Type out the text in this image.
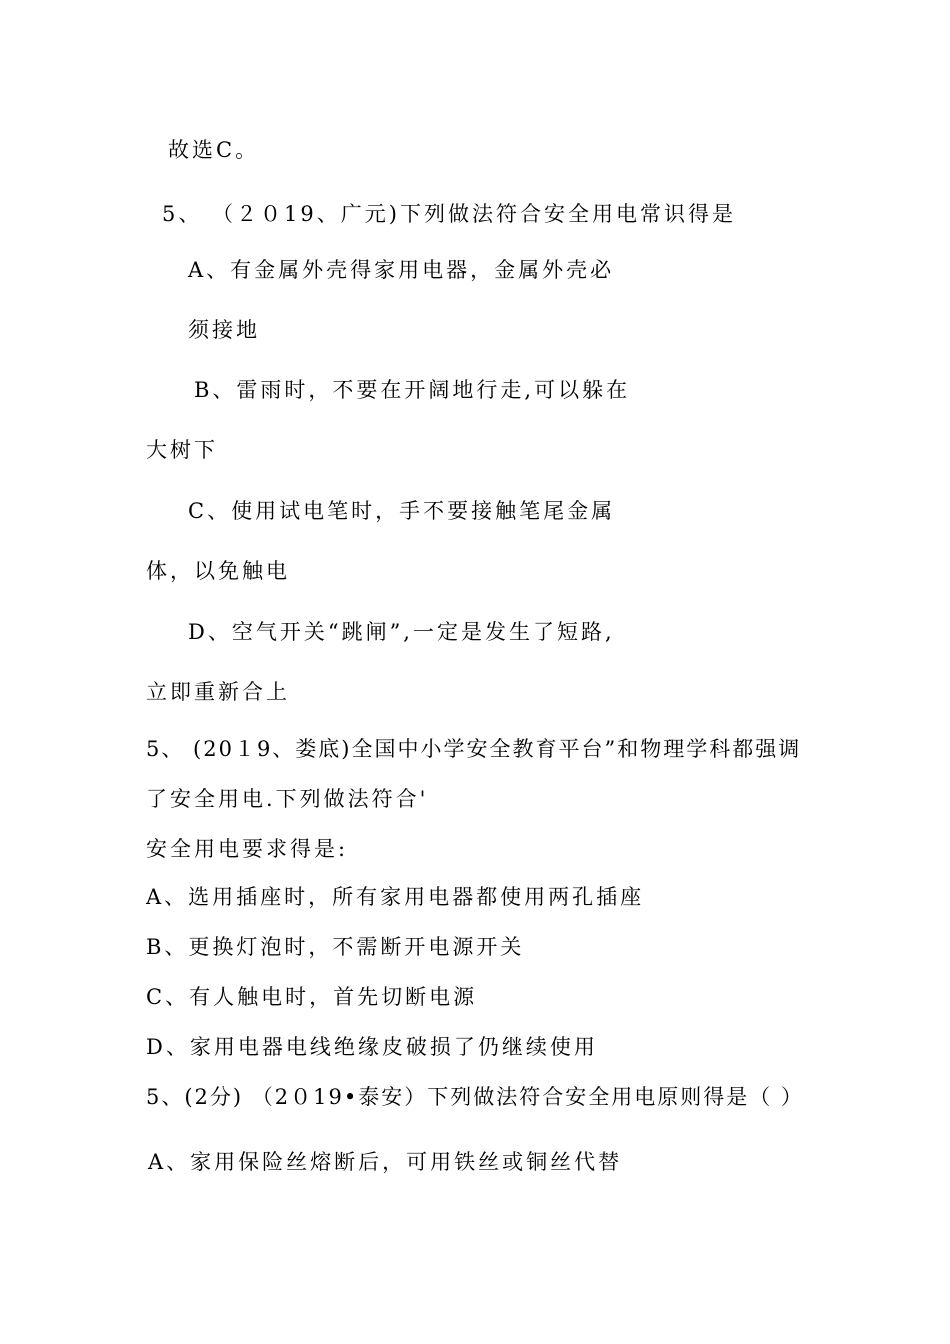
故选C。
5、 （２０19、广元)下列做法符合安全用电常识得是
A、有金属外壳得家用电器，金属外壳必
须接地
B、雷雨时，不要在开阔地行走,可以躲在
大树下
C、使用试电笔时，手不要接触笔尾金属
体，以免触电
D、空气开关“跳闸”,一定是发生了短路,
立即重新合上
5、 (20１9、娄底)全国中小学安全教育平台”和物理学科都强调
了安全用电.下列做法符合'
安全用电要求得是:
A、选用插座时，所有家用电器都使用两孔插座
B、更换灯泡时，不需断开电源开关
C、有人触电时，首先切断电源
D、家用电器电线绝缘皮破损了仍继续使用
5、(2分) （2０19•泰安）下列做法符合安全用电原则得是（ ）
A、家用保险丝熔断后，可用铁丝或铜丝代替
